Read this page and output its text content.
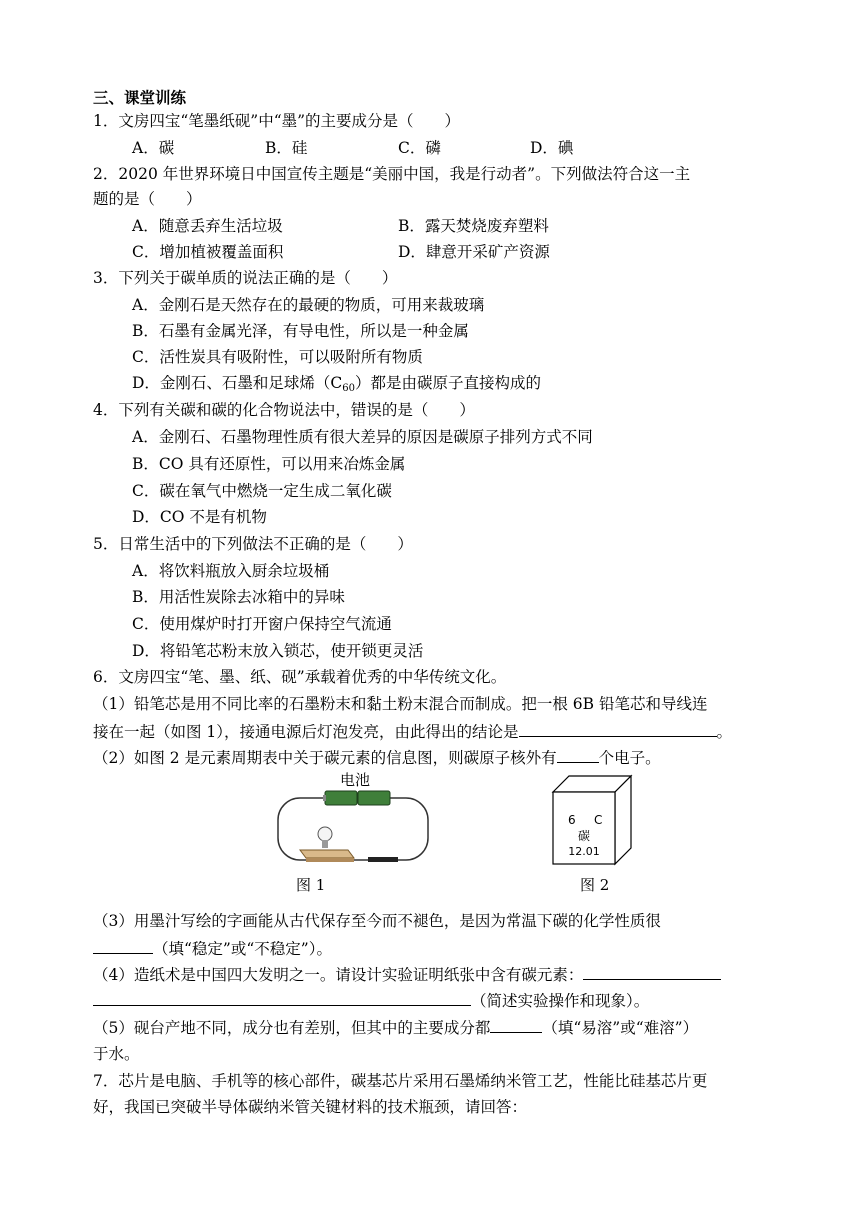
三、课堂训练
1．文房四宝“笔墨纸砚”中“墨”的主要成分是（　　）
A．碳	B．硅	C．磷	D．碘
2．2020 年世界环境日中国宣传主题是“美丽中国，我是行动者”。下列做法符合这一主
题的是（　　）
A．随意丢弃生活垃圾	B．露天焚烧废弃塑料
C．增加植被覆盖面积	D．肆意开采矿产资源
3．下列关于碳单质的说法正确的是（　　）
A．金刚石是天然存在的最硬的物质，可用来裁玻璃
B．石墨有金属光泽，有导电性，所以是一种金属
C．活性炭具有吸附性，可以吸附所有物质
D．金刚石、石墨和足球烯$(C_{60})$都是由碳原子直接构成的
4．下列有关碳和碳的化合物说法中，错误的是（　　）
A．金刚石、石墨物理性质有很大差异的原因是碳原子排列方式不同
B．CO 具有还原性，可以用来冶炼金属
C．碳在氧气中燃烧一定生成二氧化碳
D．CO 不是有机物
5．日常生活中的下列做法不正确的是（　　）
A．将饮料瓶放入厨余垃圾桶
B．用活性炭除去冰箱中的异味
C．使用煤炉时打开窗户保持空气流通
D．将铅笔芯粉末放入锁芯，使开锁更灵活
6．文房四宝“笔、墨、纸、砚”承载着优秀的中华传统文化。
（1）铅笔芯是用不同比率的石墨粉末和黏土粉末混合而制成。把一根 6B 铅笔芯和导线连
接在一起（如图 1），接通电源后灯泡发亮，由此得出的结论是	。
（2）如图 2 是元素周期表中关于碳元素的信息图，则碳原子核外有	个电子。
电池
图 1
6 C
碳
12.01
图 2
（3）用墨汁写绘的字画能从古代保存至今而不褪色，是因为常温下碳的化学性质很
（填“稳定”或“不稳定”）。
（4）造纸术是中国四大发明之一。请设计实验证明纸张中含有碳元素：
（简述实验操作和现象）。
（5）砚台产地不同，成分也有差别，但其中的主要成分都	（填“易溶”或“难溶”）
于水。
7．芯片是电脑、手机等的核心部件，碳基芯片采用石墨烯纳米管工艺，性能比硅基芯片更
好，我国已突破半导体碳纳米管关键材料的技术瓶颈，请回答：
